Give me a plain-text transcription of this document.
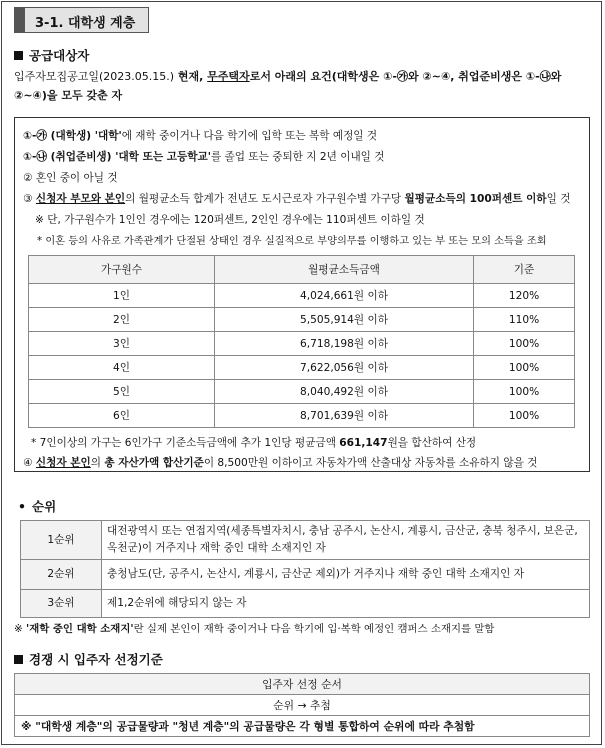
3-1. 대학생 계층
공급대상자
입주자모집공고일(2023.05.15.) 현재, 무주택자로서 아래의 요건(대학생은 ①-㉮와 ②~④, 취업준비생은 ①-㉯와
②~④)을 모두 갖춘 자
①-㉮ (대학생) '대학'에 재학 중이거나 다음 학기에 입학 또는 복학 예정일 것
①-㉯ (취업준비생) '대학 또는 고등학교'를 졸업 또는 중퇴한 지 2년 이내일 것
② 혼인 중이 아닐 것
③ 신청자 부모와 본인의 월평균소득 합계가 전년도 도시근로자 가구원수별 가구당 월평균소득의 100퍼센트 이하일 것
※ 단, 가구원수가 1인인 경우에는 120퍼센트, 2인인 경우에는 110퍼센트 이하일 것
* 이혼 등의 사유로 가족관계가 단절된 상태인 경우 실질적으로 부양의무를 이행하고 있는 부 또는 모의 소득을 조회
가구원수	월평균소득금액	기준
1인	4,024,661원 이하	120%
2인	5,505,914원 이하	110%
3인	6,718,198원 이하	100%
4인	7,622,056원 이하	100%
5인	8,040,492원 이하	100%
6인	8,701,639원 이하	100%
* 7인이상의 가구는 6인가구 기준소득금액에 추가 1인당 평균금액 661,147원을 합산하여 산정
④ 신청자 본인의 총 자산가액 합산기준이 8,500만원 이하이고 자동차가액 산출대상 자동차를 소유하지 않을 것
• 순위
1순위	대전광역시 또는 연접지역(세종특별자치시, 충남 공주시, 논산시, 계룡시, 금산군, 충북 청주시, 보은군, 옥천군)이 거주지나 재학 중인 대학 소재지인 자
2순위	충청남도(단, 공주시, 논산시, 계룡시, 금산군 제외)가 거주지나 재학 중인 대학 소재지인 자
3순위	제1,2순위에 해당되지 않는 자
※ '재학 중인 대학 소재지'란 실제 본인이 재학 중이거나 다음 학기에 입·복학 예정인 캠퍼스 소재지를 말함
경쟁 시 입주자 선정기준
입주자 선정 순서
순위 → 추첨
※ "대학생 계층"의 공급물량과 "청년 계층"의 공급물량은 각 형별 통합하여 순위에 따라 추첨함
